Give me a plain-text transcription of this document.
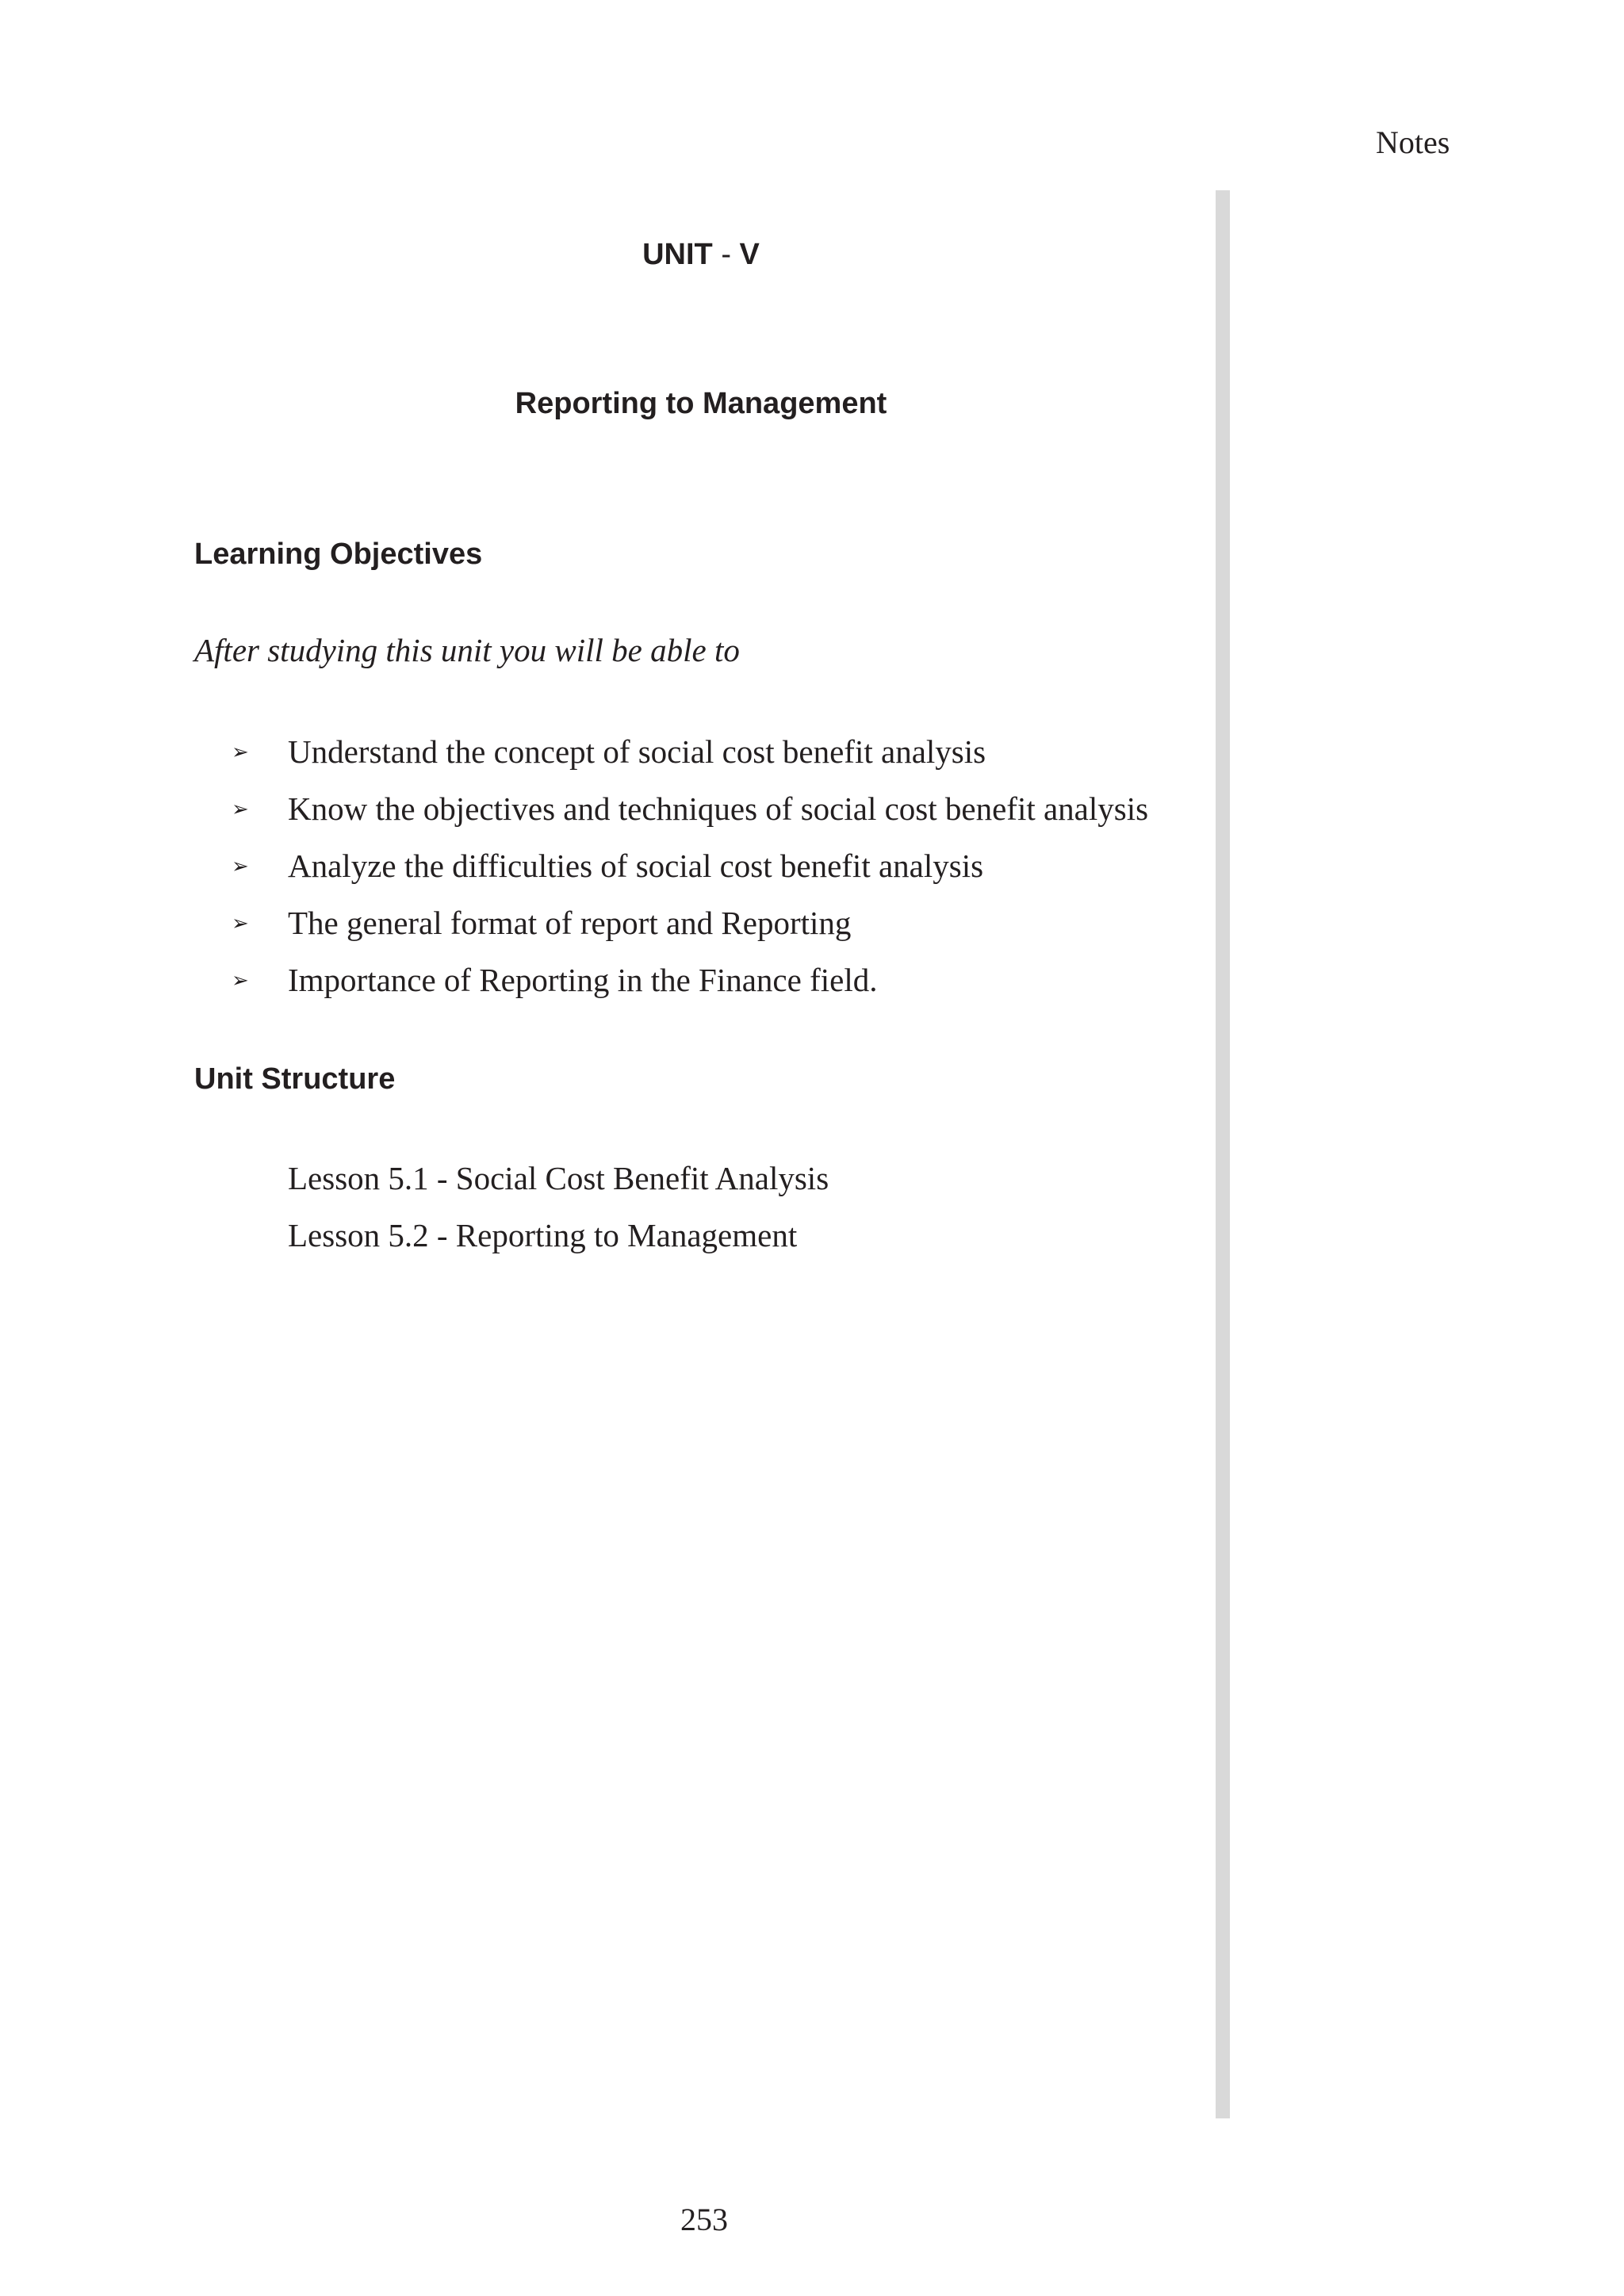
Notes
UNIT - V
Reporting to Management
Learning Objectives
After studying this unit you will be able to
➢ Understand the concept of social cost benefit analysis
➢ Know the objectives and techniques of social cost benefit analysis
➢ Analyze the difficulties of social cost benefit analysis
➢ The general format of report and Reporting
➢ Importance of Reporting in the Finance field.
Unit Structure
Lesson 5.1 - Social Cost Benefit Analysis
Lesson 5.2 - Reporting to Management
253
